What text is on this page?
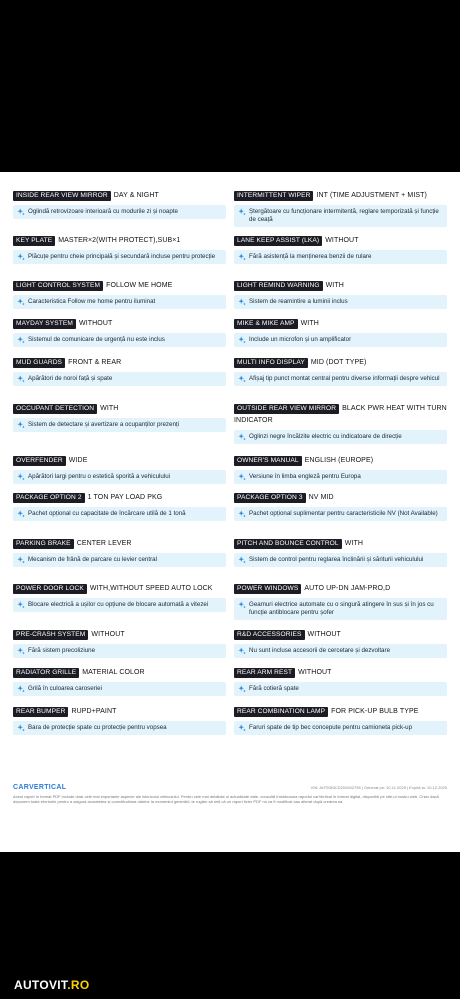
INSIDE REAR VIEW MIRROR DAY & NIGHT
Oglindă retrovizoare interioară cu modurile zi și noapte
KEY PLATE MASTER×2(WITH PROTECT),SUB×1
Plăcuțe pentru cheie principală și secundară incluse pentru protecție
LIGHT CONTROL SYSTEM FOLLOW ME HOME
Caracteristica Follow me home pentru iluminat
MAYDAY SYSTEM WITHOUT
Sistemul de comunicare de urgență nu este inclus
MUD GUARDS FRONT & REAR
Apărători de noroi față și spate
OCCUPANT DETECTION WITH
Sistem de detectare și avertizare a ocupanților prezenți
OVERFENDER WIDE
Apărători largi pentru o estetică sporită a vehiculului
PACKAGE OPTION 2 1 TON PAY LOAD PKG
Pachet opțional cu capacitate de încărcare utilă de 1 tonă
PARKING BRAKE CENTER LEVER
Mecanism de frână de parcare cu levier central
POWER DOOR LOCK WITH,WITHOUT SPEED AUTO LOCK
Blocare electrică a ușilor cu opțiune de blocare automată a vitezei
PRE-CRASH SYSTEM WITHOUT
Fără sistem precoliziune
RADIATOR GRILLE MATERIAL COLOR
Grilă în culoarea caroseriei
REAR BUMPER RUPD+PAINT
Bara de protecție spate cu protecție pentru vopsea
INTERMITTENT WIPER INT (TIME ADJUSTMENT + MIST)
Ștergătoare cu funcționare intermitentă, reglare temporizată și funcție de ceață
LANE KEEP ASSIST (LKA) WITHOUT
Fără asistență la menținerea benzii de rulare
LIGHT REMIND WARNING WITH
Sistem de reamintire a luminii inclus
MIKE & MIKE AMP WITH
Include un microfon și un amplificator
MULTI INFO DISPLAY MID (DOT TYPE)
Afișaj tip punct montat central pentru diverse informații despre vehicul
OUTSIDE REAR VIEW MIRROR BLACK PWR HEAT WITH TURN INDICATOR
Oglinzi negre încălzite electric cu indicatoare de direcție
OWNER'S MANUAL ENGLISH (EUROPE)
Versiune în limba engleză pentru Europa
PACKAGE OPTION 3 NV MID
Pachet opțional suplimentar pentru caracteristicile NV (Not Available)
PITCH AND BOUNCE CONTROL WITH
Sistem de control pentru reglarea înclinării și săriturii vehiculului
POWER WINDOWS AUTO UP-DN JAM-PRO,D
Geamuri electrice automate cu o singură atingere în sus și în jos cu funcție antiblocare pentru șofer
R&D ACCESSORIES WITHOUT
Nu sunt incluse accesorii de cercetare și dezvoltare
REAR ARM REST WITHOUT
Fără cotieră spate
REAR COMBINATION LAMP FOR PICK-UP BULB TYPE
Faruri spate de tip bec concepute pentru camioneta pick-up
CARVERTICAL	VIN: AHTKB3CD202602755 | Generat pe: 10.11.2025 | Expiră la: 10.12.2025
Acest raport în format PDF include doar cele mai importante aspecte ale istoricului vehiculului. Pentru cele mai detaliate și actualizate date, consultă întotdeauna raportul carVertical în format digital, disponibil pe site-ul nostru web. Chiar dacă depunem toate eforturile pentru a asigura acuratețea și corectitudinea datelor la momentul generării, te rugăm să reții că un raport fizier PDF nu va fi modificat sau alterat după crearea sa.
AUTOVIT.RO
